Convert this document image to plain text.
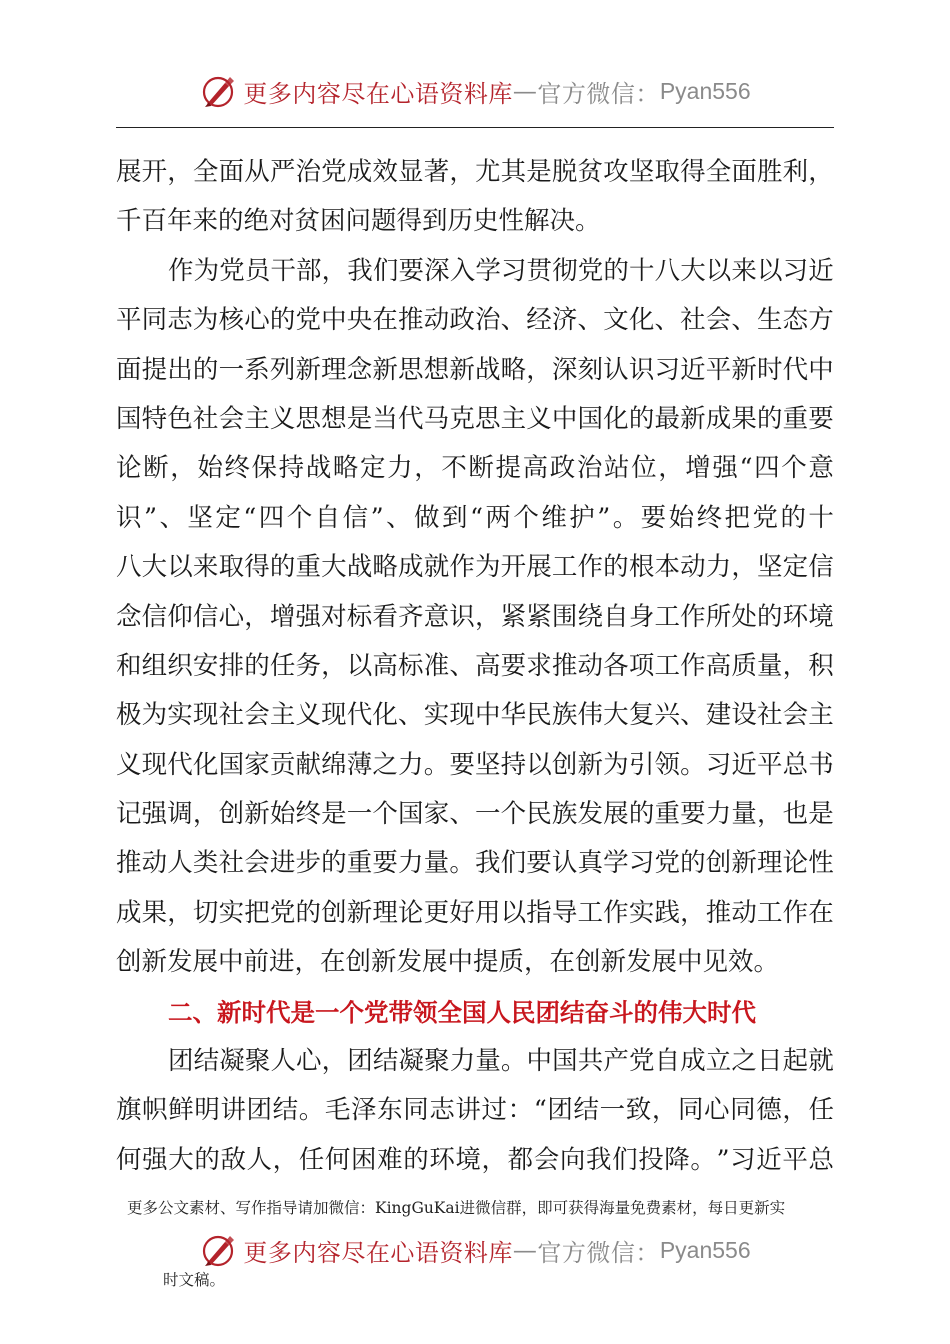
更多内容尽在心语资料库 — 官方微信： Pyan556
展 开 ， 全 面 从 严 治 党 成 效 显 著 ， 尤 其 是 脱 贫 攻 坚 取 得 全 面 胜 利 ，
千百年来的绝对贫困问题得到历史性解决。
作 为 党 员 干 部 ， 我 们 要 深 入 学 习 贯 彻 党 的 十 八 大 以 来 以 习 近
平 同 志 为 核 心 的 党 中 央 在 推 动 政 治 、 经 济 、 文 化 、 社 会 、 生 态 方
面 提 出 的 一 系 列 新 理 念 新 思 想 新 战 略 ， 深 刻 认 识 习 近 平 新 时 代 中
国 特 色 社 会 主 义 思 想 是 当 代 马 克 思 主 义 中 国 化 的 最 新 成 果 的 重 要
论 断 ， 始 终 保 持 战 略 定 力 ， 不 断 提 高 政 治 站 位 ， 增 强 “ 四 个 意
识 ” 、 坚 定 “ 四 个 自 信 ” 、 做 到 “ 两 个 维 护 ” 。 要 始 终 把 党 的 十
八 大 以 来 取 得 的 重 大 战 略 成 就 作 为 开 展 工 作 的 根 本 动 力 ， 坚 定 信
念 信 仰 信 心 ， 增 强 对 标 看 齐 意 识 ， 紧 紧 围 绕 自 身 工 作 所 处 的 环 境
和 组 织 安 排 的 任 务 ， 以 高 标 准 、 高 要 求 推 动 各 项 工 作 高 质 量 ， 积
极 为 实 现 社 会 主 义 现 代 化 、 实 现 中 华 民 族 伟 大 复 兴 、 建 设 社 会 主
义 现 代 化 国 家 贡 献 绵 薄 之 力 。 要 坚 持 以 创 新 为 引 领 。 习 近 平 总 书
记 强 调 ， 创 新 始 终 是 一 个 国 家 、 一 个 民 族 发 展 的 重 要 力 量 ， 也 是
推 动 人 类 社 会 进 步 的 重 要 力 量 。 我 们 要 认 真 学 习 党 的 创 新 理 论 性
成 果 ， 切 实 把 党 的 创 新 理 论 更 好 用 以 指 导 工 作 实 践 ， 推 动 工 作 在
创新发展中前进，在创新发展中提质，在创新发展中见效。
二、新时代是一个党带领全国人民团结奋斗的伟大时代
团 结 凝 聚 人 心 ， 团 结 凝 聚 力 量 。 中 国 共 产 党 自 成 立 之 日 起 就
旗 帜 鲜 明 讲 团 结 。 毛 泽 东 同 志 讲 过 ： “ 团 结 一 致 ， 同 心 同 德 ， 任
何 强 大 的 敌 人 ， 任 何 困 难 的 环 境 ， 都 会 向 我 们 投 降 。 ” 习 近 平 总
更多公文素材、写作指导请加微信：KingGuKai进微信群，即可获得海量免费素材，每日更新实
更多内容尽在心语资料库 — 官方微信： Pyan556
时文稿。
